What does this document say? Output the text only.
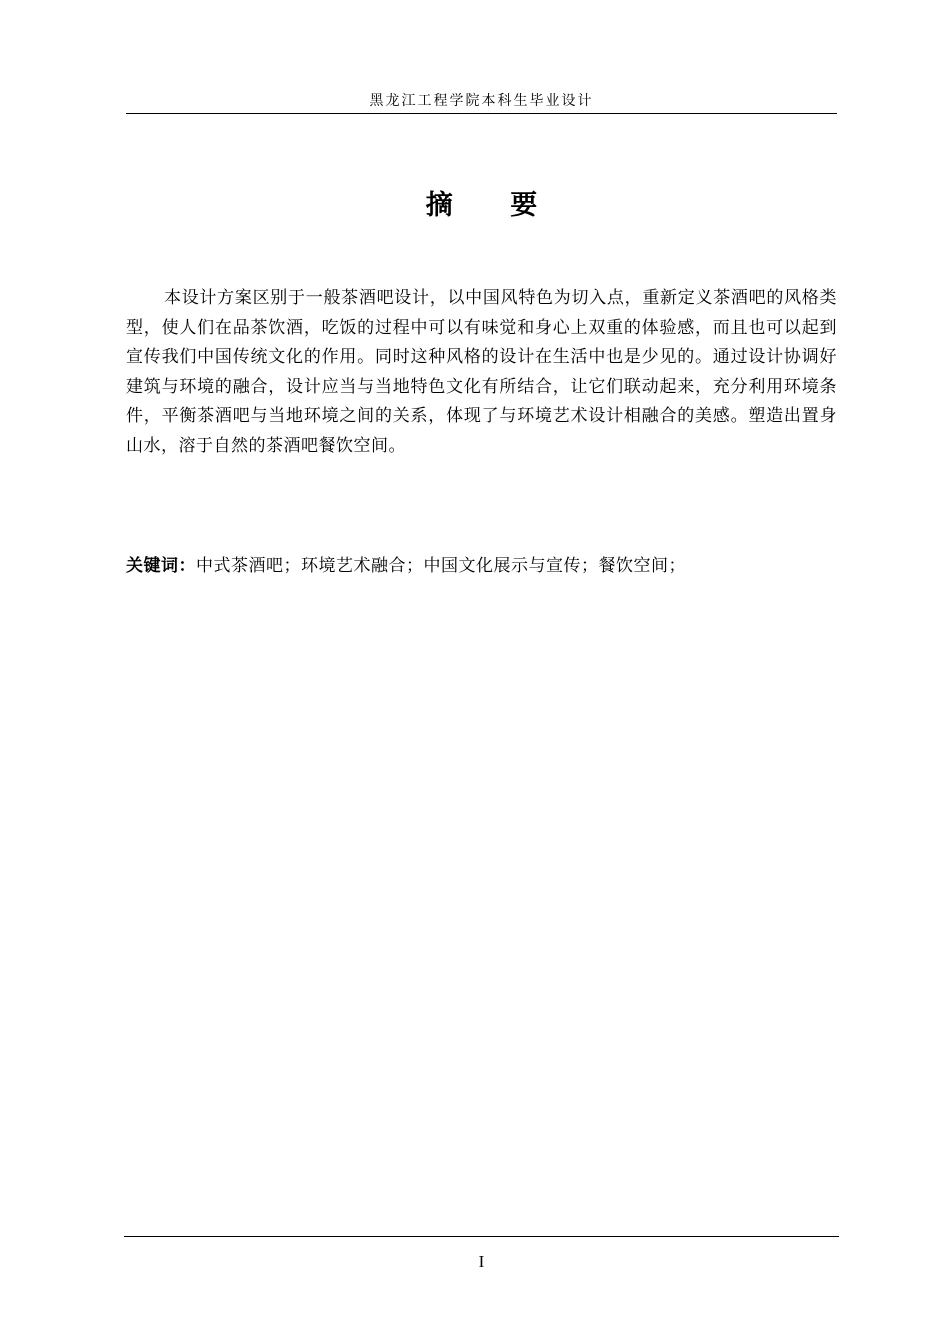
黑龙江工程学院本科生毕业设计
摘 要

本设计方案区别于一般茶酒吧设计，以中国风特色为切入点，重新定义茶酒吧的风格类型，使人们在品茶饮酒，吃饭的过程中可以有味觉和身心上双重的体验感，而且也可以起到宣传我们中国传统文化的作用。同时这种风格的设计在生活中也是少见的。通过设计协调好建筑与环境的融合，设计应当与当地特色文化有所结合，让它们联动起来，充分利用环境条件，平衡茶酒吧与当地环境之间的关系，体现了与环境艺术设计相融合的美感。塑造出置身山水，溶于自然的茶酒吧餐饮空间。

关键词：中式茶酒吧；环境艺术融合；中国文化展示与宣传；餐饮空间；
I
